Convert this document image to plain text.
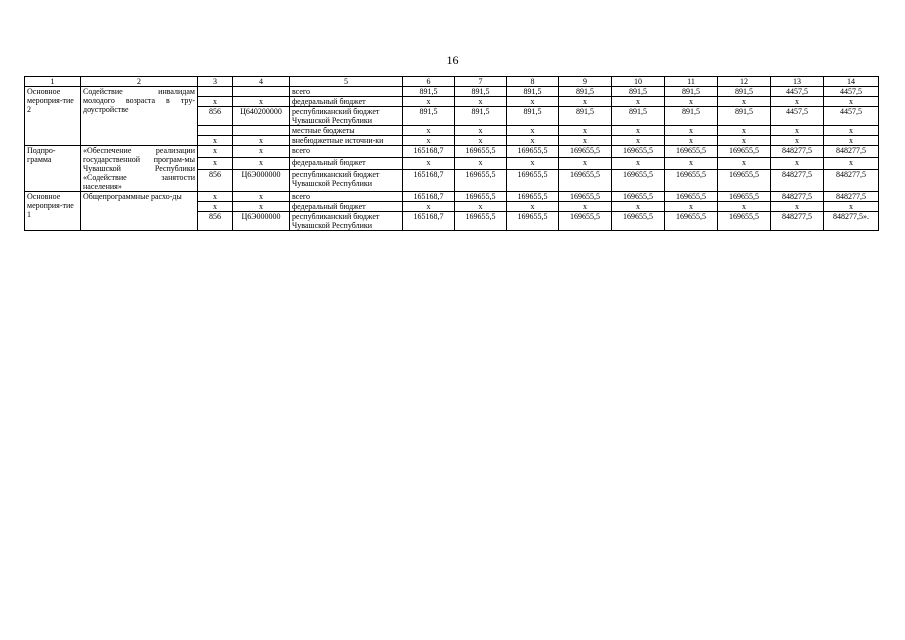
16
1	2	3	4	5	6	7	8	9	10	11	12	13	14
Основное мероприя-тие 2	Содействие инвалидам молодого возраста в тру-доустройстве			всего	891,5	891,5	891,5	891,5	891,5	891,5	891,5	4457,5	4457,5
		х	х	федеральный бюджет	х	х	х	х	х	х	х	х	х
		856	Ц640200000	республиканский бюджет Чувашской Республики	891,5	891,5	891,5	891,5	891,5	891,5	891,5	4457,5	4457,5
				местные бюджеты	х	х	х	х	х	х	х	х	х
		х	х	внебюджетные источни-ки	х	х	х	х	х	х	х	х	х
Подпро-грамма	«Обеспечение реализации государственной програм-мы Чувашской Республики «Содействие занятости населения»	х	х	всего	165168,7	169655,5	169655,5	169655,5	169655,5	169655,5	169655,5	848277,5	848277,5
		х	х	федеральный бюджет	х	х	х	х	х	х	х	х	х
		856	Ц6Э000000	республиканский бюджет Чувашской Республики	165168,7	169655,5	169655,5	169655,5	169655,5	169655,5	169655,5	848277,5	848277,5
Основное мероприя-тие 1	Общепрограммные расхо-ды	х	х	всего	165168,7	169655,5	169655,5	169655,5	169655,5	169655,5	169655,5	848277,5	848277,5
		х	х	федеральный бюджет	х	х	х	х	х	х	х	х	х
		856	Ц6Э000000	республиканский бюджет Чувашской Республики	165168,7	169655,5	169655,5	169655,5	169655,5	169655,5	169655,5	848277,5	848277,5».
